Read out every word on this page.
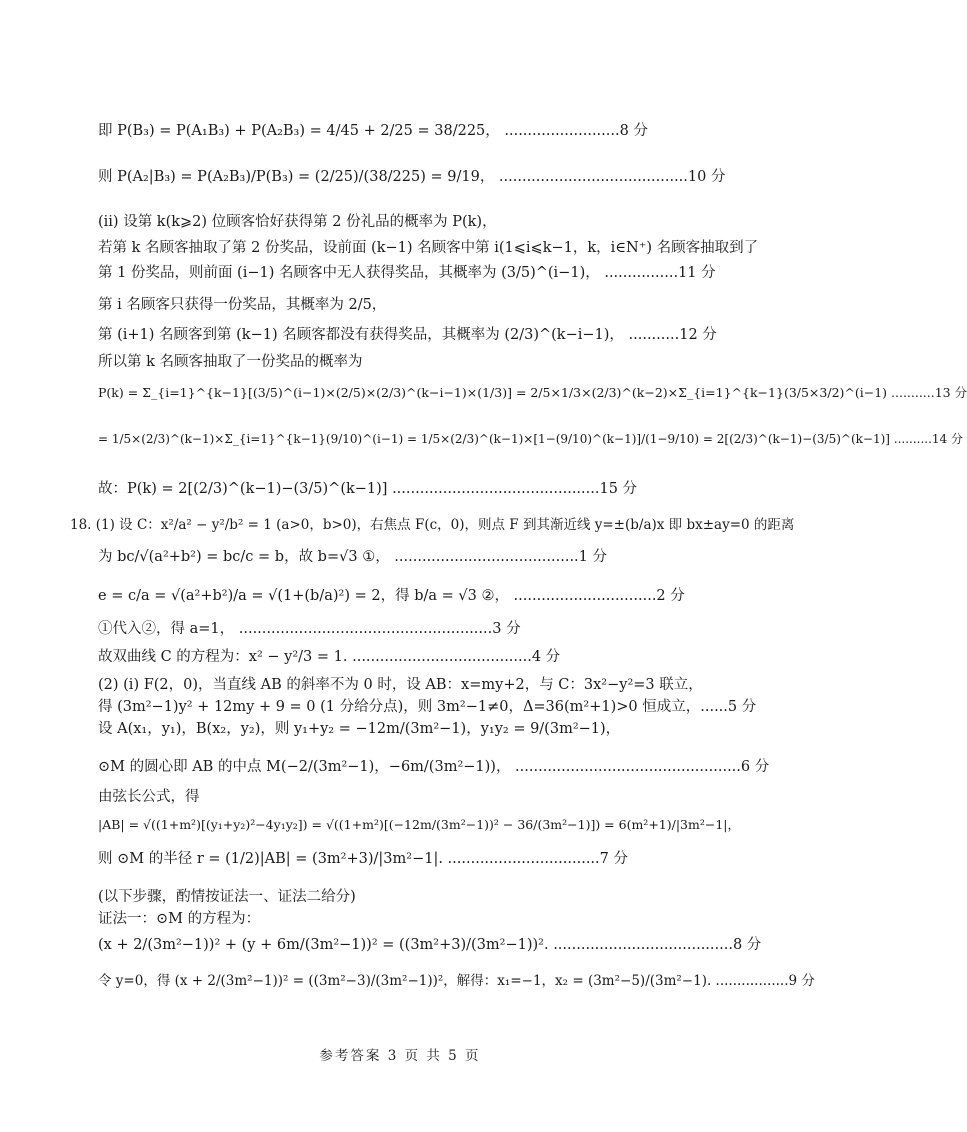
即 P(B₃) = P(A₁B₃) + P(A₂B₃) = 4/45 + 2/25 = 38/225， .........................8 分
则 P(A₂|B₃) = P(A₂B₃)/P(B₃) = (2/25)/(38/225) = 9/19， .........................................10 分
(ⅱ) 设第 k(k⩾2) 位顾客恰好获得第 2 份礼品的概率为 P(k)，
若第 k 名顾客抽取了第 2 份奖品，设前面 (k−1) 名顾客中第 i(1⩽i⩽k−1，k，i∈N⁺) 名顾客抽取到了
第 1 份奖品，则前面 (i−1) 名顾客中无人获得奖品，其概率为 (3/5)^(i−1)， ................11 分
第 i 名顾客只获得一份奖品，其概率为 2/5，
第 (i+1) 名顾客到第 (k−1) 名顾客都没有获得奖品，其概率为 (2/3)^(k−i−1)， ...........12 分
所以第 k 名顾客抽取了一份奖品的概率为
P(k) = Σ_{i=1}^{k−1}[(3/5)^(i−1)×(2/5)×(2/3)^(k−i−1)×(1/3)] = 2/5×1/3×(2/3)^(k−2)×Σ_{i=1}^{k−1}(3/5×3/2)^(i−1) ...........13 分
= 1/5×(2/3)^(k−1)×Σ_{i=1}^{k−1}(9/10)^(i−1) = 1/5×(2/3)^(k−1)×[1−(9/10)^(k−1)]/(1−9/10) = 2[(2/3)^(k−1)−(3/5)^(k−1)] ..........14 分
故：P(k) = 2[(2/3)^(k−1)−(3/5)^(k−1)] .............................................15 分
18. (1) 设 C：x²/a² − y²/b² = 1 (a>0，b>0)，右焦点 F(c，0)，则点 F 到其渐近线 y=±(b/a)x 即 bx±ay=0 的距离
为 bc/√(a²+b²) = bc/c = b，故 b=√3 ①， ........................................1 分
e = c/a = √(a²+b²)/a = √(1+(b/a)²) = 2，得 b/a = √3 ②， ...............................2 分
①代入②，得 a=1， .......................................................3 分
故双曲线 C 的方程为：x² − y²/3 = 1. .......................................4 分
(2) (ⅰ) F(2，0)，当直线 AB 的斜率不为 0 时，设 AB：x=my+2，与 C：3x²−y²=3 联立，
得 (3m²−1)y² + 12my + 9 = 0 (1 分给分点)，则 3m²−1≠0，Δ=36(m²+1)>0 恒成立，......5 分
设 A(x₁，y₁)，B(x₂，y₂)，则 y₁+y₂ = −12m/(3m²−1)，y₁y₂ = 9/(3m²−1)，
⊙M 的圆心即 AB 的中点 M(−2/(3m²−1)，−6m/(3m²−1))， .................................................6 分
由弦长公式，得
|AB| = √((1+m²)[(y₁+y₂)²−4y₁y₂]) = √((1+m²)[(−12m/(3m²−1))² − 36/(3m²−1)]) = 6(m²+1)/|3m²−1|，
则 ⊙M 的半径 r = (1/2)|AB| = (3m²+3)/|3m²−1|. .................................7 分
(以下步骤，酌情按证法一、证法二给分)
证法一：⊙M 的方程为：
(x + 2/(3m²−1))² + (y + 6m/(3m²−1))² = ((3m²+3)/(3m²−1))². .......................................8 分
令 y=0，得 (x + 2/(3m²−1))² = ((3m²−3)/(3m²−1))²，解得：x₁=−1，x₂ = (3m²−5)/(3m²−1). .................9 分
参考答案 3 页 共 5 页
